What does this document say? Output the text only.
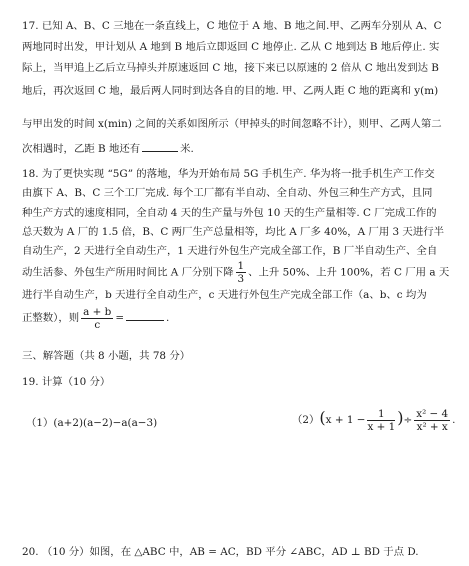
17. 已知 A、B、C 三地在一条直线上，C 地位于 A 地、B 地之间.甲、乙两车分别从 A、C
两地同时出发，甲计划从 A 地到 B 地后立即返回 C 地停止. 乙从 C 地到达 B 地后停止. 实
际上，当甲追上乙后立马掉头并原速返回 C 地，接下来已以原速的 2 倍从 C 地出发到达 B
地后，再次返回 C 地，最后两人同时到达各自的目的地. 甲、乙两人距 C 地的距离和 y(m)
与甲出发的时间 x(min) 之间的关系如图所示（甲掉头的时间忽略不计），则甲、乙两人第二
次相遇时，乙距 B 地还有	米.
18. 为了更快实现 “5G” 的落地，华为开始布局 5G 手机生产. 华为将一批手机生产工作交
由旗下 A、B、C 三个工厂完成. 每个工厂都有半自动、全自动、外包三种生产方式，且同
种生产方式的速度相同，全自动 4 天的生产量与外包 10 天的生产量相等. C 厂完成工作的
总天数为 A 厂的 1.5 倍，B、C 两厂生产总量相等，均比 A 厂多 40%，A 厂用 3 天进行半
自动生产，2 天进行全自动生产，1 天进行外包生产完成全部工作，B 厂半自动生产、全自
动生活参、外包生产所用时间比 A 厂分别下降 $\frac{1}{3}$ 、上升 50%、上升 100%，若 C 厂用 a 天
进行半自动生产，b 天进行全自动生产，c 天进行外包生产完成全部工作（a、b、c 均为
正整数），则 $\frac{a + b}{c}$ =	.
三、解答题（共 8 小题，共 78 分）
19. 计算（10 分）
（1）(a+2)(a−2)−a(a−3)	$(2)(x + 1 - \frac{1}{x + 1}$ )÷ $\frac{\text{x² − 4}}{\text{x² + x}}$ .
20. （10 分）如图，在 △ABC 中，AB = AC，BD 平分 ∠ABC，AD ⊥ BD 于点 D.
